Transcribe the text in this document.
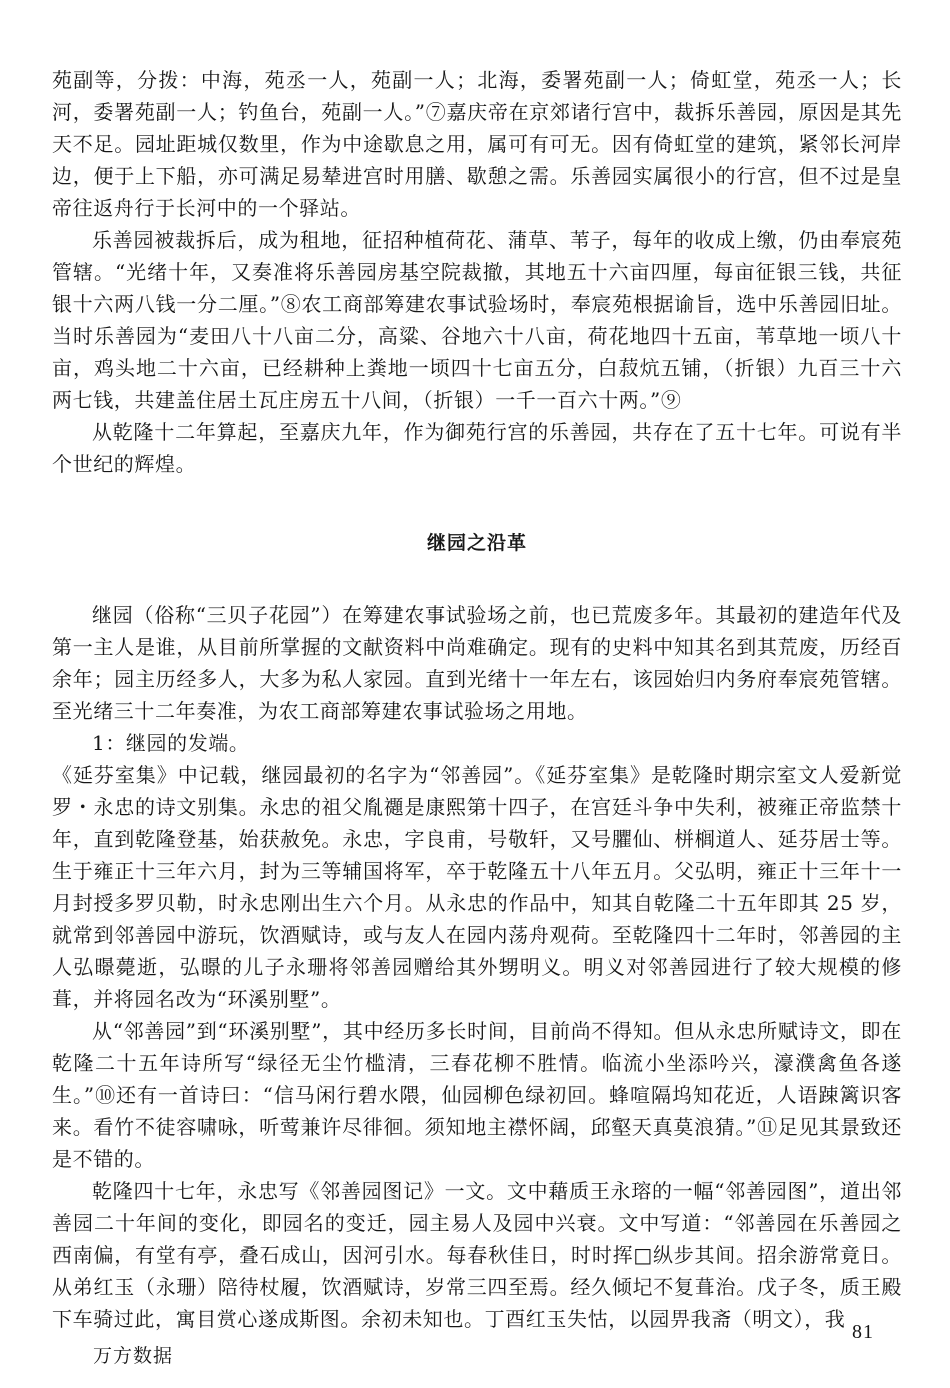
苑副等，分拨：中海，苑丞一人，苑副一人；北海，委署苑副一人；倚虹堂，苑丞一人；长河，委署苑副一人；钓鱼台，苑副一人。”⑦嘉庆帝在京郊诸行宫中，裁拆乐善园，原因是其先天不足。园址距城仅数里，作为中途歇息之用，属可有可无。因有倚虹堂的建筑，紧邻长河岸边，便于上下船，亦可满足易辇进宫时用膳、歇憩之需。乐善园实属很小的行宫，但不过是皇帝往返舟行于长河中的一个驿站。

乐善园被裁拆后，成为租地，征招种植荷花、蒲草、苇子，每年的收成上缴，仍由奉宸苑管辖。“光绪十年，又奏准将乐善园房基空院裁撤，其地五十六亩四厘，每亩征银三钱，共征银十六两八钱一分二厘。”⑧农工商部筹建农事试验场时，奉宸苑根据谕旨，选中乐善园旧址。当时乐善园为“麦田八十八亩二分，高粱、谷地六十八亩，荷花地四十五亩，苇草地一顷八十亩，鸡头地二十六亩，已经耕种上粪地一顷四十七亩五分，白菽炕五铺，（折银）九百三十六两七钱，共建盖住居土瓦庄房五十八间，（折银）一千一百六十两。”⑨

从乾隆十二年算起，至嘉庆九年，作为御苑行宫的乐善园，共存在了五十七年。可说有半个世纪的辉煌。

继园之沿革

继园（俗称“三贝子花园”）在筹建农事试验场之前，也已荒废多年。其最初的建造年代及第一主人是谁，从目前所掌握的文献资料中尚难确定。现有的史料中知其名到其荒废，历经百余年；园主历经多人，大多为私人家园。直到光绪十一年左右，该园始归内务府奉宸苑管辖。至光绪三十二年奏准，为农工商部筹建农事试验场之用地。

1：继园的发端。

《延芬室集》中记载，继园最初的名字为“邻善园”。《延芬室集》是乾隆时期宗室文人爱新觉罗・永忠的诗文别集。永忠的祖父胤禵是康熙第十四子，在宫廷斗争中失利，被雍正帝监禁十年，直到乾隆登基，始获赦免。永忠，字良甫，号敬轩，又号臞仙、栟榈道人、延芬居士等。生于雍正十三年六月，封为三等辅国将军，卒于乾隆五十八年五月。父弘明，雍正十三年十一月封授多罗贝勒，时永忠刚出生六个月。从永忠的作品中，知其自乾隆二十五年即其 25 岁，就常到邻善园中游玩，饮酒赋诗，或与友人在园内荡舟观荷。至乾隆四十二年时，邻善园的主人弘暻薨逝，弘暻的儿子永珊将邻善园赠给其外甥明义。明义对邻善园进行了较大规模的修葺，并将园名改为“环溪别墅”。

从“邻善园”到“环溪别墅”，其中经历多长时间，目前尚不得知。但从永忠所赋诗文，即在乾隆二十五年诗所写“绿径无尘竹槛清，三春花柳不胜情。临流小坐添吟兴，濠濮禽鱼各遂生。”⑩还有一首诗曰：“信马闲行碧水隈，仙园柳色绿初回。蜂喧隔坞知花近，人语踈篱识客来。看竹不徒容啸咏，听莺兼许尽徘徊。须知地主襟怀阔，邱壑天真莫浪猜。”⑪足见其景致还是不错的。

乾隆四十七年，永忠写《邻善园图记》一文。文中藉质王永瑢的一幅“邻善园图”，道出邻善园二十年间的变化，即园名的变迁，园主易人及园中兴衰。文中写道：“邻善园在乐善园之西南偏，有堂有亭，叠石成山，因河引水。每春秋佳日，时时挥□纵步其间。招余游常竟日。从弟红玉（永珊）陪待杖履，饮酒赋诗，岁常三四至焉。经久倾圮不复葺治。戊子冬，质王殿下车骑过此，寓目赏心遂成斯图。余初未知也。丁酉红玉失怙，以园畀我斋（明文），我

81
万方数据
